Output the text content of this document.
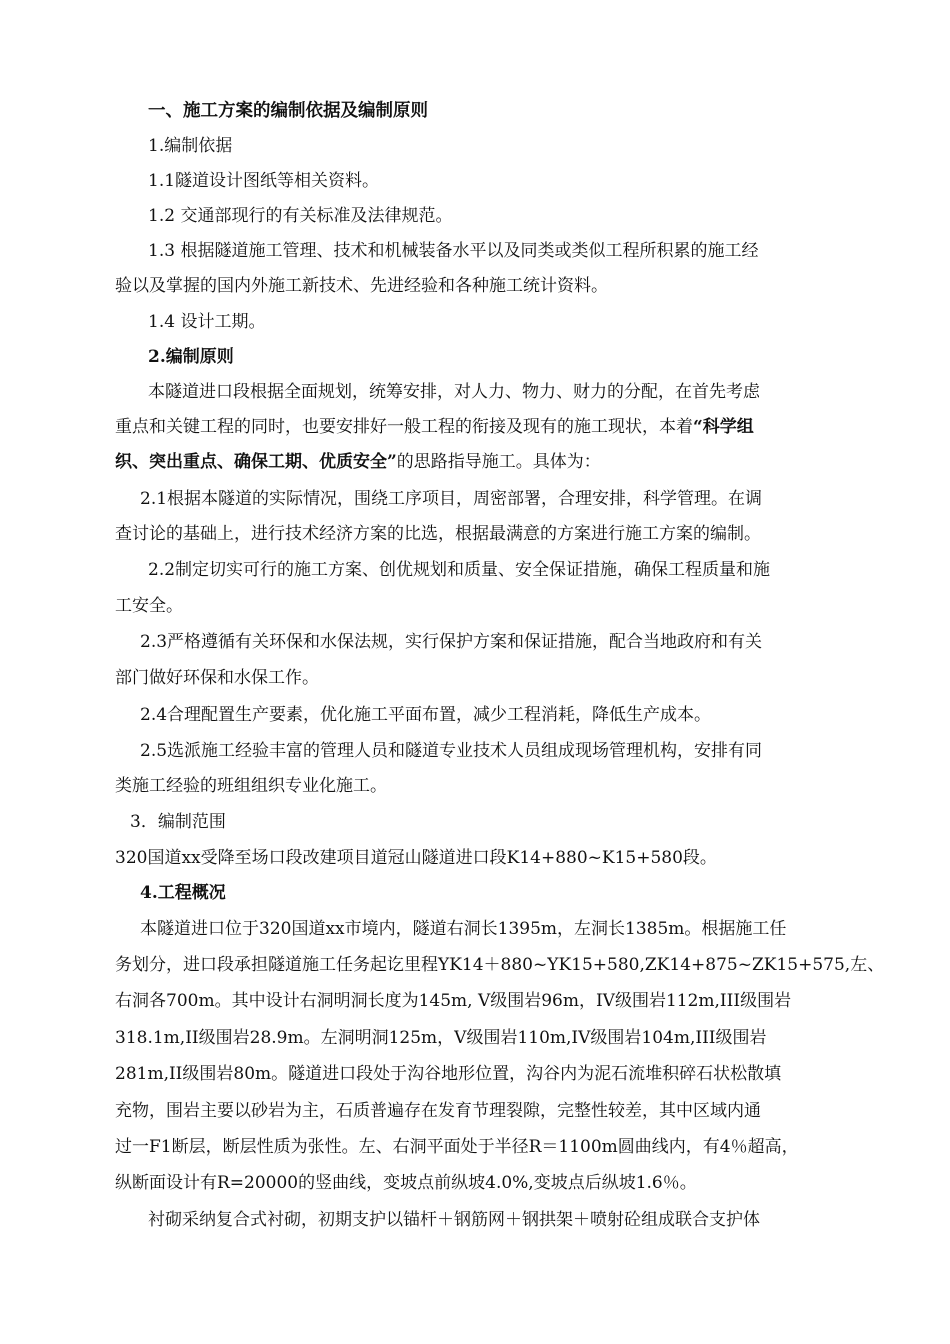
一、施工方案的编制依据及编制原则
1.编制依据
1.1隧道设计图纸等相关资料。
1.2 交通部现行的有关标准及法律规范。
1.3 根据隧道施工管理、技术和机械装备水平以及同类或类似工程所积累的施工经
验以及掌握的国内外施工新技术、先进经验和各种施工统计资料。
1.4 设计工期。
2.编制原则
本隧道进口段根据全面规划，统筹安排，对人力、物力、财力的分配，在首先考虑
重点和关键工程的同时，也要安排好一般工程的衔接及现有的施工现状，本着“科学组
织、突出重点、确保工期、优质安全”的思路指导施工。具体为：
2.1根据本隧道的实际情况，围绕工序项目，周密部署，合理安排，科学管理。在调
查讨论的基础上，进行技术经济方案的比选，根据最满意的方案进行施工方案的编制。
2.2制定切实可行的施工方案、创优规划和质量、安全保证措施，确保工程质量和施
工安全。
2.3严格遵循有关环保和水保法规，实行保护方案和保证措施，配合当地政府和有关
部门做好环保和水保工作。
2.4合理配置生产要素，优化施工平面布置，减少工程消耗，降低生产成本。
2.5选派施工经验丰富的管理人员和隧道专业技术人员组成现场管理机构，安排有同
类施工经验的班组组织专业化施工。
3．编制范围
320国道xx受降至场口段改建项目道冠山隧道进口段K14+880~K15+580段。
4.工程概况
本隧道进口位于320国道xx市境内，隧道右洞长1395m，左洞长1385m。根据施工任
务划分，进口段承担隧道施工任务起讫里程YK14＋880~YK15+580,ZK14+875~ZK15+575,左、
右洞各700m。其中设计右洞明洞长度为145m, Ⅴ级围岩96m，IV级围岩112m,III级围岩
318.1m,II级围岩28.9m。左洞明洞125m，Ⅴ级围岩110m,IV级围岩104m,III级围岩
281m,II级围岩80m。隧道进口段处于沟谷地形位置，沟谷内为泥石流堆积碎石状松散填
充物，围岩主要以砂岩为主，石质普遍存在发育节理裂隙，完整性较差，其中区域内通
过一F1断层，断层性质为张性。左、右洞平面处于半径R＝1100m圆曲线内，有4％超高，
纵断面设计有R=20000的竖曲线，变坡点前纵坡4.0%,变坡点后纵坡1.6％。
衬砌采纳复合式衬砌，初期支护以锚杆＋钢筋网＋钢拱架＋喷射砼组成联合支护体
